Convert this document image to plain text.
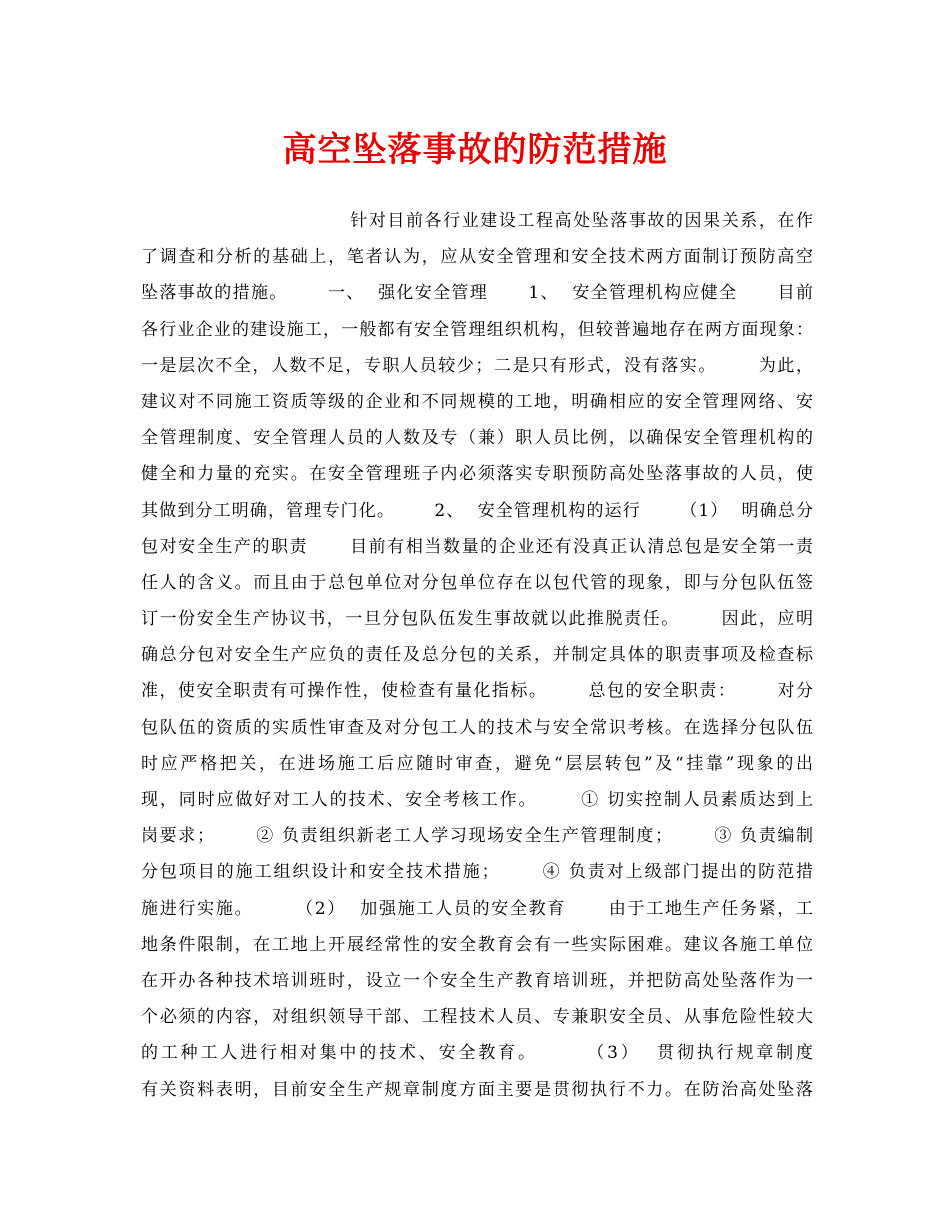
高空坠落事故的防范措施
针对目前各行业建设工程高处坠落事故的因果关系，在作
了调查和分析的基础上，笔者认为，应从安全管理和安全技术两方面制订预防高空
坠落事故的措施。      一、  强化安全管理      1、  安全管理机构应健全      目前
各行业企业的建设施工，一般都有安全管理组织机构，但较普遍地存在两方面现象：
一是层次不全，人数不足，专职人员较少；二是只有形式，没有落实。      为此，
建议对不同施工资质等级的企业和不同规模的工地，明确相应的安全管理网络、安
全管理制度、安全管理人员的人数及专（兼）职人员比例，以确保安全管理机构的
健全和力量的充实。在安全管理班子内必须落实专职预防高处坠落事故的人员，使
其做到分工明确，管理专门化。      2、  安全管理机构的运行      （1）  明确总分
包对安全生产的职责      目前有相当数量的企业还有没真正认清总包是安全第一责
任人的含义。而且由于总包单位对分包单位存在以包代管的现象，即与分包队伍签
订一份安全生产协议书，一旦分包队伍发生事故就以此推脱责任。      因此，应明
确总分包对安全生产应负的责任及总分包的关系，并制定具体的职责事项及检查标
准，使安全职责有可操作性，使检查有量化指标。      总包的安全职责：      对分
包队伍的资质的实质性审查及对分包工人的技术与安全常识考核。在选择分包队伍
时应严格把关，在进场施工后应随时审查，避免“层层转包”及“挂靠”现象的出
现，同时应做好对工人的技术、安全考核工作。      ① 切实控制人员素质达到上
岗要求；      ② 负责组织新老工人学习现场安全生产管理制度；      ③ 负责编制
分包项目的施工组织设计和安全技术措施；      ④ 负责对上级部门提出的防范措
施进行实施。      （2）  加强施工人员的安全教育      由于工地生产任务紧，工
地条件限制，在工地上开展经常性的安全教育会有一些实际困难。建议各施工单位
在开办各种技术培训班时，设立一个安全生产教育培训班，并把防高处坠落作为一
个必须的内容，对组织领导干部、工程技术人员、专兼职安全员、从事危险性较大
的工种工人进行相对集中的技术、安全教育。      （3）  贯彻执行规章制度
有关资料表明，目前安全生产规章制度方面主要是贯彻执行不力。在防治高处坠落
